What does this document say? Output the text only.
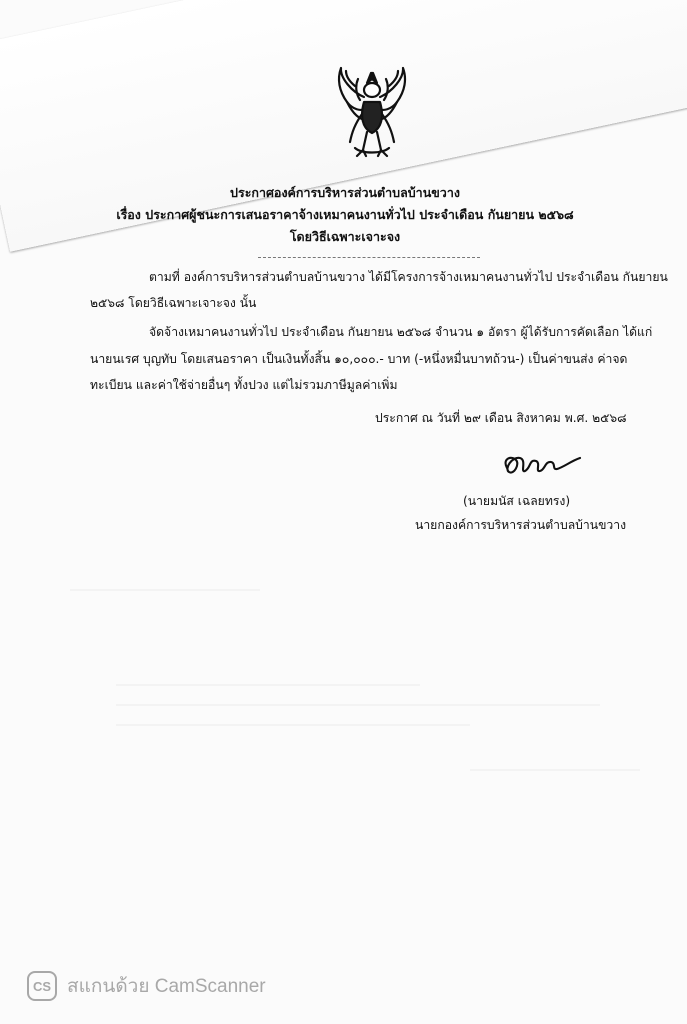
ประกาศองค์การบริหารส่วนตำบลบ้านขวาง
เรื่อง ประกาศผู้ชนะการเสนอราคาจ้างเหมาคนงานทั่วไป ประจำเดือน กันยายน ๒๕๖๘
โดยวิธีเฉพาะเจาะจง
ตามที่ องค์การบริหารส่วนตำบลบ้านขวาง ได้มีโครงการจ้างเหมาคนงานทั่วไป ประจำเดือน กันยายน
๒๕๖๘ โดยวิธีเฉพาะเจาะจง นั้น
จัดจ้างเหมาคนงานทั่วไป ประจำเดือน กันยายน ๒๕๖๘ จำนวน ๑ อัตรา ผู้ได้รับการคัดเลือก ได้แก่
นายนเรศ บุญทับ โดยเสนอราคา เป็นเงินทั้งสิ้น ๑๐,๐๐๐.- บาท (-หนึ่งหมื่นบาทถ้วน-) เป็นค่าขนส่ง ค่าจด
ทะเบียน และค่าใช้จ่ายอื่นๆ ทั้งปวง แต่ไม่รวมภาษีมูลค่าเพิ่ม
ประกาศ ณ วันที่ ๒๙ เดือน สิงหาคม พ.ศ. ๒๕๖๘
(นายมนัส เฉลยทรง)
นายกองค์การบริหารส่วนตำบลบ้านขวาง
CS สแกนด้วย CamScanner
